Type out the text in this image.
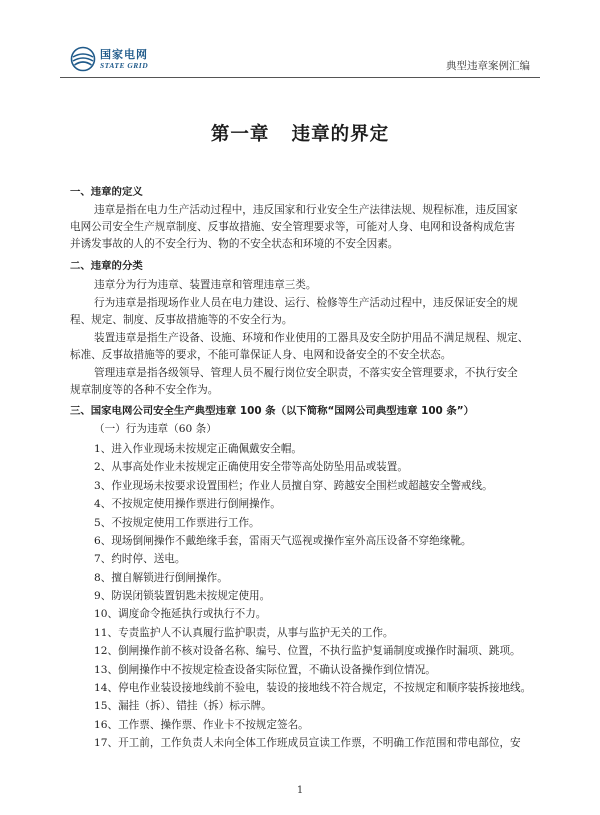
国家电网
STATE GRID	典型违章案例汇编
第一章   违章的界定
一、违章的定义
违章是指在电力生产活动过程中，违反国家和行业安全生产法律法规、规程标准，违反国家
电网公司安全生产规章制度、反事故措施、安全管理要求等，可能对人身、电网和设备构成危害
并诱发事故的人的不安全行为、物的不安全状态和环境的不安全因素。
二、违章的分类
违章分为行为违章、装置违章和管理违章三类。
行为违章是指现场作业人员在电力建设、运行、检修等生产活动过程中，违反保证安全的规
程、规定、制度、反事故措施等的不安全行为。
装置违章是指生产设备、设施、环境和作业使用的工器具及安全防护用品不满足规程、规定、
标准、反事故措施等的要求，不能可靠保证人身、电网和设备安全的不安全状态。
管理违章是指各级领导、管理人员不履行岗位安全职责，不落实安全管理要求，不执行安全
规章制度等的各种不安全作为。
三、国家电网公司安全生产典型违章 100 条（以下简称“国网公司典型违章 100 条”）
（一）行为违章（60 条）
1、进入作业现场未按规定正确佩戴安全帽。
2、从事高处作业未按规定正确使用安全带等高处防坠用品或装置。
3、作业现场未按要求设置围栏；作业人员擅自穿、跨越安全围栏或超越安全警戒线。
4、不按规定使用操作票进行倒闸操作。
5、不按规定使用工作票进行工作。
6、现场倒闸操作不戴绝缘手套，雷雨天气巡视或操作室外高压设备不穿绝缘靴。
7、约时停、送电。
8、擅自解锁进行倒闸操作。
9、防误闭锁装置钥匙未按规定使用。
10、调度命令拖延执行或执行不力。
11、专责监护人不认真履行监护职责，从事与监护无关的工作。
12、倒闸操作前不核对设备名称、编号、位置，不执行监护复诵制度或操作时漏项、跳项。
13、倒闸操作中不按规定检查设备实际位置，不确认设备操作到位情况。
14、停电作业装设接地线前不验电，装设的接地线不符合规定，不按规定和顺序装拆接地线。
15、漏挂（拆）、错挂（拆）标示牌。
16、工作票、操作票、作业卡不按规定签名。
17、开工前，工作负责人未向全体工作班成员宣读工作票，不明确工作范围和带电部位，安
1
